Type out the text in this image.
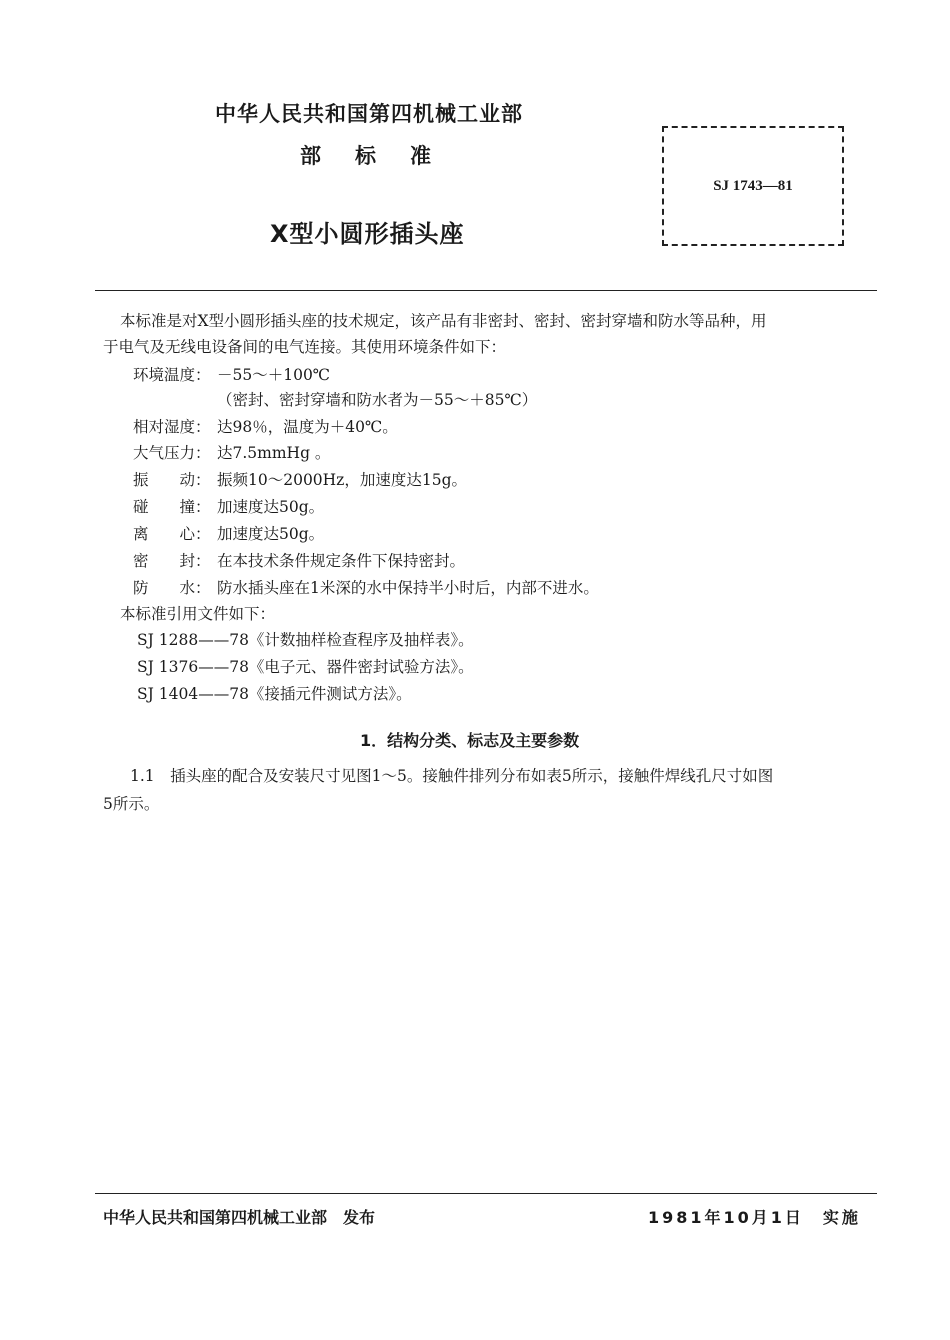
中华人民共和国第四机械工业部
部标准
X型小圆形插头座
SJ 1743—81
本标准是对X型小圆形插头座的技术规定，该产品有非密封、密封、密封穿墙和防水等品种，用
于电气及无线电设备间的电气连接。其使用环境条件如下：
环境温度： －55～＋100℃
（密封、密封穿墙和防水者为－55～＋85℃）
相对湿度： 达98％，温度为＋40℃。
大气压力： 达7.5mmHg 。
振　　动： 振频10～2000Hz，加速度达15g。
碰　　撞： 加速度达50g。
离　　心： 加速度达50g。
密　　封： 在本技术条件规定条件下保持密封。
防　　水： 防水插头座在1米深的水中保持半小时后，内部不进水。
本标准引用文件如下：
SJ 1288——78《计数抽样检查程序及抽样表》。
SJ 1376——78《电子元、器件密封试验方法》。
SJ 1404——78《接插元件测试方法》。
1．结构分类、标志及主要参数
1.1　插头座的配合及安装尺寸见图1～5。接触件排列分布如表5所示，接触件焊线孔尺寸如图
5所示。
中华人民共和国第四机械工业部　发布	1981年10月1日　实施
